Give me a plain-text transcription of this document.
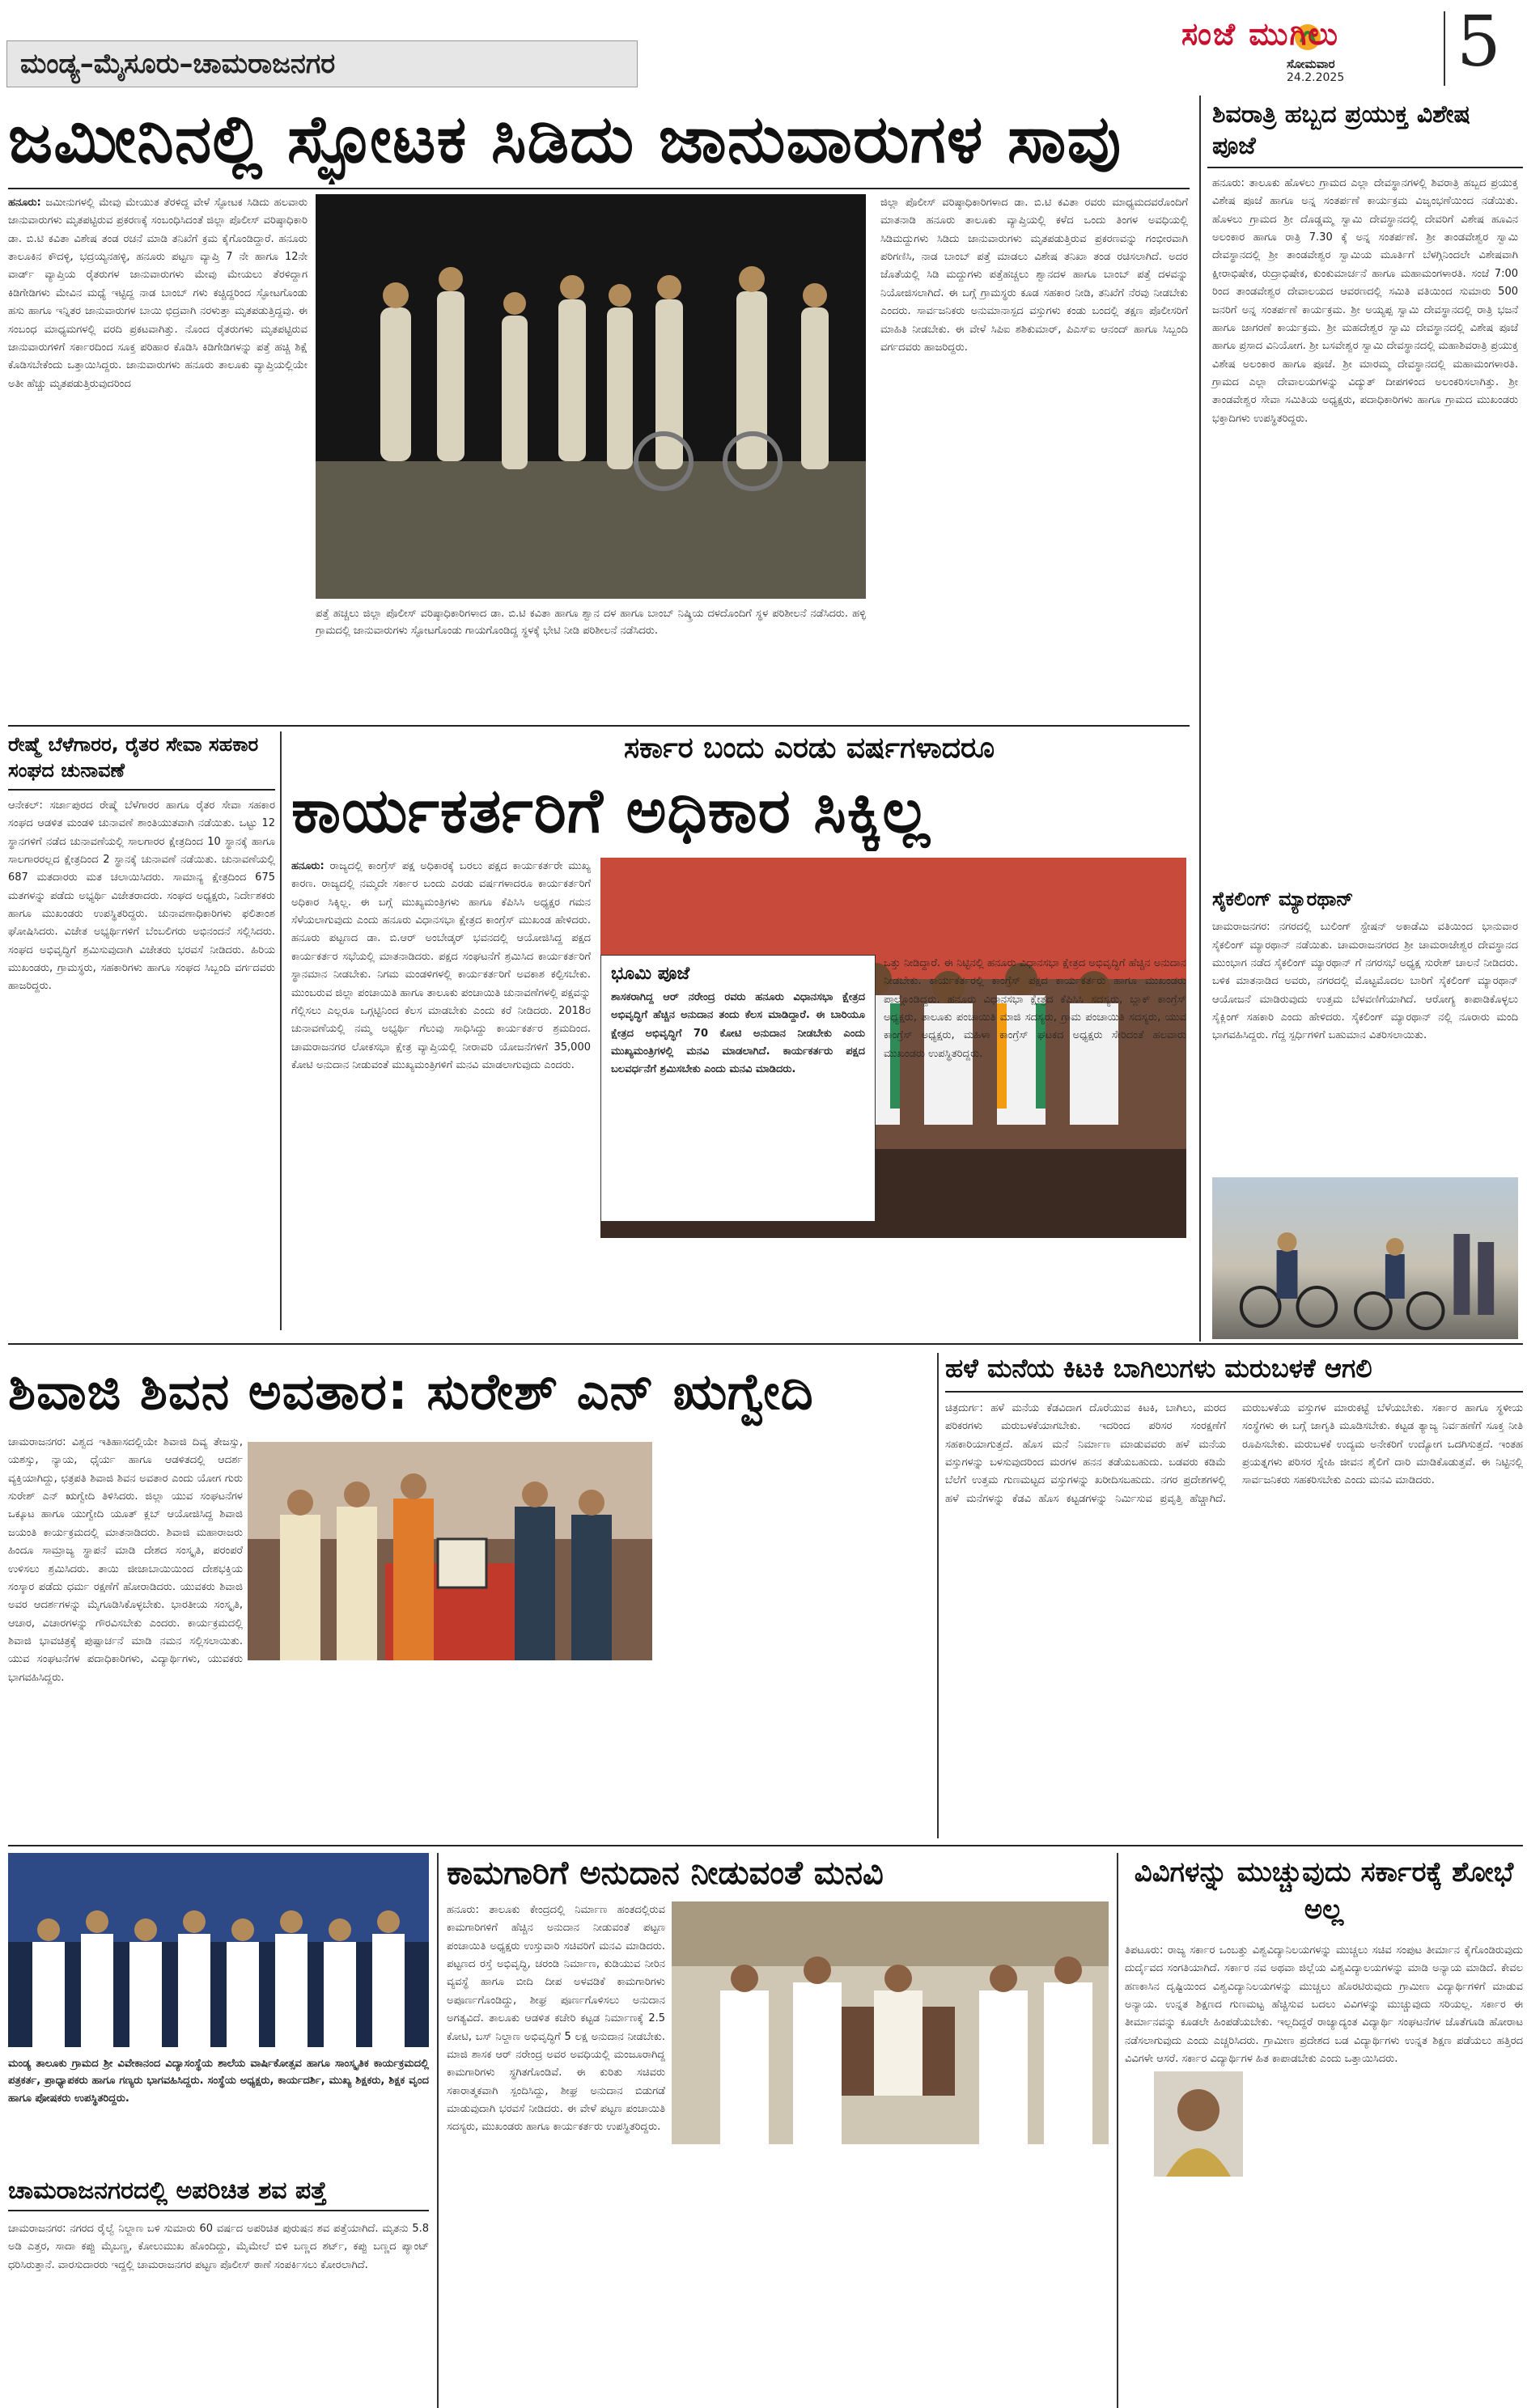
ಮಂಡ್ಯ–ಮೈಸೂರು–ಚಾಮರಾಜನಗರ
ಸಂಜೆ ಮುಗಿಲು
ಸೋಮವಾರ
24.2.2025 5
ಜಮೀನಿನಲ್ಲಿ ಸ್ಫೋಟಕ ಸಿಡಿದು ಜಾನುವಾರುಗಳ ಸಾವು
ಹನೂರು: ಜಮೀನುಗಳಲ್ಲಿ ಮೇವು ಮೇಯುತ ತೆರಳಿದ್ದ ವೇಳೆ ಸ್ಫೋಟಕ ಸಿಡಿದು ಹಲವಾರು ಜಾನುವಾರುಗಳು ಮೃತಪಟ್ಟಿರುವ ಪ್ರಕರಣಕ್ಕೆ ಸಂಬಂಧಿಸಿದಂತೆ ಜಿಲ್ಲಾ ಪೊಲೀಸ್ ವರಿಷ್ಠಾಧಿಕಾರಿ ಡಾ. ಬಿ.ಟಿ ಕವಿತಾ ವಿಶೇಷ ತಂಡ ರಚನೆ ಮಾಡಿ ತನಿಖೆಗೆ ಕ್ರಮ ಕೈಗೊಂಡಿದ್ದಾರೆ. ಹನೂರು ತಾಲೂಕಿನ ಕೌದಳ್ಳಿ, ಭದ್ರಯ್ಯನಹಳ್ಳಿ, ಹನೂರು ಪಟ್ಟಣ ವ್ಯಾಪ್ತಿ 7 ನೇ ಹಾಗೂ 12ನೇ ವಾರ್ಡ್ ವ್ಯಾಪ್ತಿಯ ರೈತರುಗಳ ಜಾನುವಾರುಗಳು ಮೇವು ಮೇಯಲು ತೆರಳಿದ್ದಾಗ ಕಿಡಿಗೇಡಿಗಳು ಮೇವಿನ ಮಧ್ಯೆ ಇಟ್ಟಿದ್ದ ನಾಡ ಬಾಂಬ್ ಗಳು ಕಚ್ಚಿದ್ದರಿಂದ ಸ್ಫೋಟಗೊಂಡು ಹಸು ಹಾಗೂ ಇನ್ನಿತರ ಜಾನುವಾರುಗಳ ಬಾಯಿ ಛಿದ್ರವಾಗಿ ನರಳುತ್ತಾ ಮೃತಪಡುತ್ತಿದ್ದವು. ಈ ಸಂಬಂಧ ಮಾಧ್ಯಮಗಳಲ್ಲಿ ವರದಿ ಪ್ರಕಟವಾಗಿತ್ತು. ನೊಂದ ರೈತರುಗಳು ಮೃತಪಟ್ಟಿರುವ ಜಾನುವಾರುಗಳಿಗೆ ಸರ್ಕಾರದಿಂದ ಸೂಕ್ತ ಪರಿಹಾರ ಕೊಡಿಸಿ ಕಿಡಿಗೇಡಿಗಳನ್ನು ಪತ್ತೆ ಹಚ್ಚಿ ಶಿಕ್ಷೆ ಕೊಡಿಸಬೇಕೆಂದು ಒತ್ತಾಯಿಸಿದ್ದರು. ಜಾನುವಾರುಗಳು ಹನೂರು ತಾಲೂಕು ವ್ಯಾಪ್ತಿಯಲ್ಲಿಯೇ ಅತೀ ಹೆಚ್ಚು ಮೃತಪಡುತ್ತಿರುವುದರಿಂದ
ಪತ್ತೆ ಹಚ್ಚಲು ಜಿಲ್ಲಾ ಪೊಲೀಸ್ ವರಿಷ್ಠಾಧಿಕಾರಿಗಳಾದ ಡಾ. ಬಿ.ಟಿ ಕವಿತಾ ಹಾಗೂ ಶ್ವಾನ ದಳ ಹಾಗೂ ಬಾಂಬ್ ನಿಷ್ಕ್ರಿಯ ದಳದೊಂದಿಗೆ ಸ್ಥಳ ಪರಿಶೀಲನೆ ನಡೆಸಿದರು. ಹಳ್ಳಿ ಗ್ರಾಮದಲ್ಲಿ ಜಾನುವಾರುಗಳು ಸ್ಫೋಟಗೊಂಡು ಗಾಯಗೊಂಡಿದ್ದ ಸ್ಥಳಕ್ಕೆ ಭೇಟಿ ನೀಡಿ ಪರಿಶೀಲನೆ ನಡೆಸಿದರು.
ಜಿಲ್ಲಾ ಪೊಲೀಸ್ ವರಿಷ್ಠಾಧಿಕಾರಿಗಳಾದ ಡಾ. ಬಿ.ಟಿ ಕವಿತಾ ರವರು ಮಾಧ್ಯಮದವರೊಂದಿಗೆ ಮಾತನಾಡಿ ಹನೂರು ತಾಲೂಕು ವ್ಯಾಪ್ತಿಯಲ್ಲಿ ಕಳೆದ ಒಂದು ತಿಂಗಳ ಅವಧಿಯಲ್ಲಿ ಸಿಡಿಮದ್ದುಗಳು ಸಿಡಿದು ಜಾನುವಾರುಗಳು ಮೃತಪಡುತ್ತಿರುವ ಪ್ರಕರಣವನ್ನು ಗಂಭೀರವಾಗಿ ಪರಿಗಣಿಸಿ, ನಾಡ ಬಾಂಬ್ ಪತ್ತೆ ಮಾಡಲು ವಿಶೇಷ ತನಿಖಾ ತಂಡ ರಚಿಸಲಾಗಿದೆ. ಅದರ ಜೊತೆಯಲ್ಲಿ ಸಿಡಿ ಮದ್ದುಗಳು ಪತ್ತೆಹಚ್ಚಲು ಶ್ವಾನದಳ ಹಾಗೂ ಬಾಂಬ್ ಪತ್ತೆ ದಳವನ್ನು ನಿಯೋಜಿಸಲಾಗಿದೆ. ಈ ಬಗ್ಗೆ ಗ್ರಾಮಸ್ಥರು ಕೂಡ ಸಹಕಾರ ನೀಡಿ, ತನಿಖೆಗೆ ನೆರವು ನೀಡಬೇಕು ಎಂದರು. ಸಾರ್ವಜನಿಕರು ಅನುಮಾನಾಸ್ಪದ ವಸ್ತುಗಳು ಕಂಡು ಬಂದಲ್ಲಿ ತಕ್ಷಣ ಪೊಲೀಸರಿಗೆ ಮಾಹಿತಿ ನೀಡಬೇಕು. ಈ ವೇಳೆ ಸಿಪಿಐ ಶಶಿಕುಮಾರ್, ಪಿಎಸ್ಐ ಆನಂದ್ ಹಾಗೂ ಸಿಬ್ಬಂದಿ ವರ್ಗದವರು ಹಾಜರಿದ್ದರು.
ಶಿವರಾತ್ರಿ ಹಬ್ಬದ ಪ್ರಯುಕ್ತ ವಿಶೇಷ ಪೂಜೆ
ಹನೂರು: ತಾಲೂಕು ಹೊಳಲು ಗ್ರಾಮದ ಎಲ್ಲಾ ದೇವಸ್ಥಾನಗಳಲ್ಲಿ ಶಿವರಾತ್ರಿ ಹಬ್ಬದ ಪ್ರಯುಕ್ತ ವಿಶೇಷ ಪೂಜೆ ಹಾಗೂ ಅನ್ನ ಸಂತರ್ಪಣೆ ಕಾರ್ಯಕ್ರಮ ವಿಜೃಂಭಣೆಯಿಂದ ನಡೆಯಿತು. ಹೊಳಲು ಗ್ರಾಮದ ಶ್ರೀ ದೊಡ್ಡಮ್ಮ ಸ್ವಾಮಿ ದೇವಸ್ಥಾನದಲ್ಲಿ ದೇವರಿಗೆ ವಿಶೇಷ ಹೂವಿನ ಅಲಂಕಾರ ಹಾಗೂ ರಾತ್ರಿ 7.30 ಕ್ಕೆ ಅನ್ನ ಸಂತರ್ಪಣೆ. ಶ್ರೀ ತಾಂಡವೇಶ್ವರ ಸ್ವಾಮಿ ದೇವಸ್ಥಾನದಲ್ಲಿ ಶ್ರೀ ತಾಂಡವೇಶ್ವರ ಸ್ವಾಮಿಯ ಮೂರ್ತಿಗೆ ಬೆಳಗ್ಗಿನಿಂದಲೇ ವಿಶೇಷವಾಗಿ ಕ್ಷೀರಾಭಿಷೇಕ, ರುದ್ರಾಭಿಷೇಕ, ಕುಂಕುಮಾರ್ಚನೆ ಹಾಗೂ ಮಹಾಮಂಗಳಾರತಿ. ಸಂಜೆ 7:00 ರಿಂದ ತಾಂಡವೇಶ್ವರ ದೇವಾಲಯದ ಆವರಣದಲ್ಲಿ ಸಮಿತಿ ವತಿಯಿಂದ ಸುಮಾರು 500 ಜನರಿಗೆ ಅನ್ನ ಸಂತರ್ಪಣೆ ಕಾರ್ಯಕ್ರಮ. ಶ್ರೀ ಅಯ್ಯಪ್ಪ ಸ್ವಾಮಿ ದೇವಸ್ಥಾನದಲ್ಲಿ ರಾತ್ರಿ ಭಜನೆ ಹಾಗೂ ಜಾಗರಣೆ ಕಾರ್ಯಕ್ರಮ. ಶ್ರೀ ಮಹದೇಶ್ವರ ಸ್ವಾಮಿ ದೇವಸ್ಥಾನದಲ್ಲಿ ವಿಶೇಷ ಪೂಜೆ ಹಾಗೂ ಪ್ರಸಾದ ವಿನಿಯೋಗ. ಶ್ರೀ ಬಸವೇಶ್ವರ ಸ್ವಾಮಿ ದೇವಸ್ಥಾನದಲ್ಲಿ ಮಹಾಶಿವರಾತ್ರಿ ಪ್ರಯುಕ್ತ ವಿಶೇಷ ಅಲಂಕಾರ ಹಾಗೂ ಪೂಜೆ. ಶ್ರೀ ಮಾರಮ್ಮ ದೇವಸ್ಥಾನದಲ್ಲಿ ಮಹಾಮಂಗಳಾರತಿ. ಗ್ರಾಮದ ಎಲ್ಲಾ ದೇವಾಲಯಗಳನ್ನು ವಿದ್ಯುತ್ ದೀಪಗಳಿಂದ ಅಲಂಕರಿಸಲಾಗಿತ್ತು. ಶ್ರೀ ತಾಂಡವೇಶ್ವರ ಸೇವಾ ಸಮಿತಿಯ ಅಧ್ಯಕ್ಷರು, ಪದಾಧಿಕಾರಿಗಳು ಹಾಗೂ ಗ್ರಾಮದ ಮುಖಂಡರು ಭಕ್ತಾದಿಗಳು ಉಪಸ್ಥಿತರಿದ್ದರು.
ಸೈಕಲಿಂಗ್ ಮ್ಯಾರಥಾನ್
ಚಾಮರಾಜನಗರ: ನಗರದಲ್ಲಿ ಬುಲಿಂಗ್ ಸ್ಟೇಷನ್ ಅಕಾಡೆಮಿ ವತಿಯಿಂದ ಭಾನುವಾರ ಸೈಕಲಿಂಗ್ ಮ್ಯಾರಥಾನ್ ನಡೆಯಿತು. ಚಾಮರಾಜನಗರದ ಶ್ರೀ ಚಾಮರಾಜೇಶ್ವರ ದೇವಸ್ಥಾನದ ಮುಂಭಾಗ ನಡೆದ ಸೈಕಲಿಂಗ್ ಮ್ಯಾರಥಾನ್ ಗೆ ನಗರಸಭೆ ಅಧ್ಯಕ್ಷ ಸುರೇಶ್ ಚಾಲನೆ ನೀಡಿದರು. ಬಳಿಕ ಮಾತನಾಡಿದ ಅವರು, ನಗರದಲ್ಲಿ ಮೊಟ್ಟಮೊದಲ ಬಾರಿಗೆ ಸೈಕಲಿಂಗ್ ಮ್ಯಾರಥಾನ್ ಆಯೋಜನೆ ಮಾಡಿರುವುದು ಉತ್ತಮ ಬೆಳವಣಿಗೆಯಾಗಿದೆ. ಆರೋಗ್ಯ ಕಾಪಾಡಿಕೊಳ್ಳಲು ಸೈಕ್ಲಿಂಗ್ ಸಹಕಾರಿ ಎಂದು ಹೇಳಿದರು. ಸೈಕಲಿಂಗ್ ಮ್ಯಾರಥಾನ್ ನಲ್ಲಿ ನೂರಾರು ಮಂದಿ ಭಾಗವಹಿಸಿದ್ದರು. ಗೆದ್ದ ಸ್ಪರ್ಧಿಗಳಿಗೆ ಬಹುಮಾನ ವಿತರಿಸಲಾಯಿತು.
ರೇಷ್ಮೆ ಬೆಳೆಗಾರರ, ರೈತರ ಸೇವಾ ಸಹಕಾರ ಸಂಘದ ಚುನಾವಣೆ
ಆನೇಕಲ್: ಸರ್ಜಾಪುರದ ರೇಷ್ಮೆ ಬೆಳೆಗಾರರ ಹಾಗೂ ರೈತರ ಸೇವಾ ಸಹಕಾರ ಸಂಘದ ಆಡಳಿತ ಮಂಡಳಿ ಚುನಾವಣೆ ಶಾಂತಿಯುತವಾಗಿ ನಡೆಯಿತು. ಒಟ್ಟು 12 ಸ್ಥಾನಗಳಿಗೆ ನಡೆದ ಚುನಾವಣೆಯಲ್ಲಿ ಸಾಲಗಾರರ ಕ್ಷೇತ್ರದಿಂದ 10 ಸ್ಥಾನಕ್ಕೆ ಹಾಗೂ ಸಾಲಗಾರರಲ್ಲದ ಕ್ಷೇತ್ರದಿಂದ 2 ಸ್ಥಾನಕ್ಕೆ ಚುನಾವಣೆ ನಡೆಯಿತು. ಚುನಾವಣೆಯಲ್ಲಿ 687 ಮತದಾರರು ಮತ ಚಲಾಯಿಸಿದರು. ಸಾಮಾನ್ಯ ಕ್ಷೇತ್ರದಿಂದ 675 ಮತಗಳನ್ನು ಪಡೆದು ಅಭ್ಯರ್ಥಿ ವಿಜೇತರಾದರು. ಸಂಘದ ಅಧ್ಯಕ್ಷರು, ನಿರ್ದೇಶಕರು ಹಾಗೂ ಮುಖಂಡರು ಉಪಸ್ಥಿತರಿದ್ದರು. ಚುನಾವಣಾಧಿಕಾರಿಗಳು ಫಲಿತಾಂಶ ಘೋಷಿಸಿದರು. ವಿಜೇತ ಅಭ್ಯರ್ಥಿಗಳಿಗೆ ಬೆಂಬಲಿಗರು ಅಭಿನಂದನೆ ಸಲ್ಲಿಸಿದರು. ಸಂಘದ ಅಭಿವೃದ್ಧಿಗೆ ಶ್ರಮಿಸುವುದಾಗಿ ವಿಜೇತರು ಭರವಸೆ ನೀಡಿದರು. ಹಿರಿಯ ಮುಖಂಡರು, ಗ್ರಾಮಸ್ಥರು, ಸಹಕಾರಿಗಳು ಹಾಗೂ ಸಂಘದ ಸಿಬ್ಬಂದಿ ವರ್ಗದವರು ಹಾಜರಿದ್ದರು.
ಸರ್ಕಾರ ಬಂದು ಎರಡು ವರ್ಷಗಳಾದರೂ
ಕಾರ್ಯಕರ್ತರಿಗೆ ಅಧಿಕಾರ ಸಿಕ್ಕಿಲ್ಲ
ಹನೂರು: ರಾಜ್ಯದಲ್ಲಿ ಕಾಂಗ್ರೆಸ್ ಪಕ್ಷ ಅಧಿಕಾರಕ್ಕೆ ಬರಲು ಪಕ್ಷದ ಕಾರ್ಯಕರ್ತರೇ ಮುಖ್ಯ ಕಾರಣ. ರಾಜ್ಯದಲ್ಲಿ ನಮ್ಮದೇ ಸರ್ಕಾರ ಬಂದು ಎರಡು ವರ್ಷಗಳಾದರೂ ಕಾರ್ಯಕರ್ತರಿಗೆ ಅಧಿಕಾರ ಸಿಕ್ಕಿಲ್ಲ. ಈ ಬಗ್ಗೆ ಮುಖ್ಯಮಂತ್ರಿಗಳು ಹಾಗೂ ಕೆಪಿಸಿಸಿ ಅಧ್ಯಕ್ಷರ ಗಮನ ಸೆಳೆಯಲಾಗುವುದು ಎಂದು ಹನೂರು ವಿಧಾನಸಭಾ ಕ್ಷೇತ್ರದ ಕಾಂಗ್ರೆಸ್ ಮುಖಂಡ ಹೇಳಿದರು. ಹನೂರು ಪಟ್ಟಣದ ಡಾ. ಬಿ.ಆರ್ ಅಂಬೇಡ್ಕರ್ ಭವನದಲ್ಲಿ ಆಯೋಜಿಸಿದ್ದ ಪಕ್ಷದ ಕಾರ್ಯಕರ್ತರ ಸಭೆಯಲ್ಲಿ ಮಾತನಾಡಿದರು. ಪಕ್ಷದ ಸಂಘಟನೆಗೆ ಶ್ರಮಿಸಿದ ಕಾರ್ಯಕರ್ತರಿಗೆ ಸ್ಥಾನಮಾನ ನೀಡಬೇಕು. ನಿಗಮ ಮಂಡಳಿಗಳಲ್ಲಿ ಕಾರ್ಯಕರ್ತರಿಗೆ ಅವಕಾಶ ಕಲ್ಪಿಸಬೇಕು. ಮುಂಬರುವ ಜಿಲ್ಲಾ ಪಂಚಾಯಿತಿ ಹಾಗೂ ತಾಲೂಕು ಪಂಚಾಯಿತಿ ಚುನಾವಣೆಗಳಲ್ಲಿ ಪಕ್ಷವನ್ನು ಗೆಲ್ಲಿಸಲು ಎಲ್ಲರೂ ಒಗ್ಗಟ್ಟಿನಿಂದ ಕೆಲಸ ಮಾಡಬೇಕು ಎಂದು ಕರೆ ನೀಡಿದರು. 2018ರ ಚುನಾವಣೆಯಲ್ಲಿ ನಮ್ಮ ಅಭ್ಯರ್ಥಿ ಗೆಲುವು ಸಾಧಿಸಿದ್ದು ಕಾರ್ಯಕರ್ತರ ಶ್ರಮದಿಂದ. ಚಾಮರಾಜನಗರ ಲೋಕಸಭಾ ಕ್ಷೇತ್ರ ವ್ಯಾಪ್ತಿಯಲ್ಲಿ ನೀರಾವರಿ ಯೋಜನೆಗಳಿಗೆ 35,000 ಕೋಟಿ ಅನುದಾನ ನೀಡುವಂತೆ ಮುಖ್ಯಮಂತ್ರಿಗಳಿಗೆ ಮನವಿ ಮಾಡಲಾಗುವುದು ಎಂದರು.
ಭೂಮಿ ಪೂಜೆ
ಶಾಸಕರಾಗಿದ್ದ ಆರ್ ನರೇಂದ್ರ ರವರು ಹನೂರು ವಿಧಾನಸಭಾ ಕ್ಷೇತ್ರದ ಅಭಿವೃದ್ಧಿಗೆ ಹೆಚ್ಚಿನ ಅನುದಾನ ತಂದು ಕೆಲಸ ಮಾಡಿದ್ದಾರೆ. ಈ ಬಾರಿಯೂ ಕ್ಷೇತ್ರದ ಅಭಿವೃದ್ಧಿಗೆ 70 ಕೋಟಿ ಅನುದಾನ ನೀಡಬೇಕು ಎಂದು ಮುಖ್ಯಮಂತ್ರಿಗಳಲ್ಲಿ ಮನವಿ ಮಾಡಲಾಗಿದೆ. ಕಾರ್ಯಕರ್ತರು ಪಕ್ಷದ ಬಲವರ್ಧನೆಗೆ ಶ್ರಮಿಸಬೇಕು ಎಂದು ಮನವಿ ಮಾಡಿದರು.
ಒತ್ತು ನೀಡಿದ್ದಾರೆ. ಈ ನಿಟ್ಟಿನಲ್ಲಿ ಹನೂರು ವಿಧಾನಸಭಾ ಕ್ಷೇತ್ರದ ಅಭಿವೃದ್ಧಿಗೆ ಹೆಚ್ಚಿನ ಅನುದಾನ ನೀಡಬೇಕು. ಕಾರ್ಯಕರ್ತರಲ್ಲಿ ಕಾಂಗ್ರೆಸ್ ಪಕ್ಷದ ಕಾರ್ಯಕರ್ತರು ಹಾಗೂ ಮುಖಂಡರು ಪಾಲ್ಗೊಂಡಿದ್ದರು. ಹನೂರು ವಿಧಾನಸಭಾ ಕ್ಷೇತ್ರದ ಕೆಪಿಸಿಸಿ ಸದಸ್ಯರು, ಬ್ಲಾಕ್ ಕಾಂಗ್ರೆಸ್ ಅಧ್ಯಕ್ಷರು, ತಾಲೂಕು ಪಂಚಾಯಿತಿ ಮಾಜಿ ಸದಸ್ಯರು, ಗ್ರಾಮ ಪಂಚಾಯಿತಿ ಸದಸ್ಯರು, ಯುವ ಕಾಂಗ್ರೆಸ್ ಅಧ್ಯಕ್ಷರು, ಮಹಿಳಾ ಕಾಂಗ್ರೆಸ್ ಘಟಕದ ಅಧ್ಯಕ್ಷರು ಸೇರಿದಂತೆ ಹಲವಾರು ಮುಖಂಡರು ಉಪಸ್ಥಿತರಿದ್ದರು.
ಶಿವಾಜಿ ಶಿವನ ಅವತಾರ: ಸುರೇಶ್ ಎನ್ ಋಗ್ವೇದಿ
ಚಾಮರಾಜನಗರ: ವಿಶ್ವದ ಇತಿಹಾಸದಲ್ಲಿಯೇ ಶಿವಾಜಿ ದಿವ್ಯ ತೇಜಸ್ಸು, ಯಶಸ್ಸು, ನ್ಯಾಯ, ಧೈರ್ಯ ಹಾಗೂ ಆಡಳಿತದಲ್ಲಿ ಆದರ್ಶ ವ್ಯಕ್ತಿಯಾಗಿದ್ದು, ಛತ್ರಪತಿ ಶಿವಾಜಿ ಶಿವನ ಅವತಾರ ಎಂದು ಯೋಗ ಗುರು ಸುರೇಶ್ ಎನ್ ಋಗ್ವೇದಿ ತಿಳಿಸಿದರು. ಜಿಲ್ಲಾ ಯುವ ಸಂಘಟನೆಗಳ ಒಕ್ಕೂಟ ಹಾಗೂ ಯುಗ್ವೇದಿ ಯೂತ್ ಕ್ಲಬ್ ಆಯೋಜಿಸಿದ್ದ ಶಿವಾಜಿ ಜಯಂತಿ ಕಾರ್ಯಕ್ರಮದಲ್ಲಿ ಮಾತನಾಡಿದರು. ಶಿವಾಜಿ ಮಹಾರಾಜರು ಹಿಂದೂ ಸಾಮ್ರಾಜ್ಯ ಸ್ಥಾಪನೆ ಮಾಡಿ ದೇಶದ ಸಂಸ್ಕೃತಿ, ಪರಂಪರೆ ಉಳಿಸಲು ಶ್ರಮಿಸಿದರು. ತಾಯಿ ಜೀಜಾಬಾಯಿಯಿಂದ ದೇಶಭಕ್ತಿಯ ಸಂಸ್ಕಾರ ಪಡೆದು ಧರ್ಮ ರಕ್ಷಣೆಗೆ ಹೋರಾಡಿದರು. ಯುವಕರು ಶಿವಾಜಿ ಅವರ ಆದರ್ಶಗಳನ್ನು ಮೈಗೂಡಿಸಿಕೊಳ್ಳಬೇಕು. ಭಾರತೀಯ ಸಂಸ್ಕೃತಿ, ಆಚಾರ, ವಿಚಾರಗಳನ್ನು ಗೌರವಿಸಬೇಕು ಎಂದರು. ಕಾರ್ಯಕ್ರಮದಲ್ಲಿ ಶಿವಾಜಿ ಭಾವಚಿತ್ರಕ್ಕೆ ಪುಷ್ಪಾರ್ಚನೆ ಮಾಡಿ ನಮನ ಸಲ್ಲಿಸಲಾಯಿತು. ಯುವ ಸಂಘಟನೆಗಳ ಪದಾಧಿಕಾರಿಗಳು, ವಿದ್ಯಾರ್ಥಿಗಳು, ಯುವಕರು ಭಾಗವಹಿಸಿದ್ದರು.
ಹಳೆ ಮನೆಯ ಕಿಟಕಿ ಬಾಗಿಲುಗಳು ಮರುಬಳಕೆ ಆಗಲಿ
ಚಿತ್ರದುರ್ಗ: ಹಳೆ ಮನೆಯ ಕೆಡವಿದಾಗ ದೊರೆಯುವ ಕಿಟಕಿ, ಬಾಗಿಲು, ಮರದ ಪರಿಕರಗಳು ಮರುಬಳಕೆಯಾಗಬೇಕು. ಇದರಿಂದ ಪರಿಸರ ಸಂರಕ್ಷಣೆಗೆ ಸಹಕಾರಿಯಾಗುತ್ತದೆ. ಹೊಸ ಮನೆ ನಿರ್ಮಾಣ ಮಾಡುವವರು ಹಳೆ ಮನೆಯ ವಸ್ತುಗಳನ್ನು ಬಳಸುವುದರಿಂದ ಮರಗಳ ಹನನ ತಡೆಯಬಹುದು. ಬಡವರು ಕಡಿಮೆ ಬೆಲೆಗೆ ಉತ್ತಮ ಗುಣಮಟ್ಟದ ವಸ್ತುಗಳನ್ನು ಖರೀದಿಸಬಹುದು. ನಗರ ಪ್ರದೇಶಗಳಲ್ಲಿ ಹಳೆ ಮನೆಗಳನ್ನು ಕೆಡವಿ ಹೊಸ ಕಟ್ಟಡಗಳನ್ನು ನಿರ್ಮಿಸುವ ಪ್ರವೃತ್ತಿ ಹೆಚ್ಚಾಗಿದೆ. ಮರುಬಳಕೆಯ ವಸ್ತುಗಳ ಮಾರುಕಟ್ಟೆ ಬೆಳೆಯಬೇಕು. ಸರ್ಕಾರ ಹಾಗೂ ಸ್ಥಳೀಯ ಸಂಸ್ಥೆಗಳು ಈ ಬಗ್ಗೆ ಜಾಗೃತಿ ಮೂಡಿಸಬೇಕು. ಕಟ್ಟಡ ತ್ಯಾಜ್ಯ ನಿರ್ವಹಣೆಗೆ ಸೂಕ್ತ ನೀತಿ ರೂಪಿಸಬೇಕು. ಮರುಬಳಕೆ ಉದ್ಯಮ ಅನೇಕರಿಗೆ ಉದ್ಯೋಗ ಒದಗಿಸುತ್ತದೆ. ಇಂತಹ ಪ್ರಯತ್ನಗಳು ಪರಿಸರ ಸ್ನೇಹಿ ಜೀವನ ಶೈಲಿಗೆ ದಾರಿ ಮಾಡಿಕೊಡುತ್ತವೆ. ಈ ನಿಟ್ಟಿನಲ್ಲಿ ಸಾರ್ವಜನಿಕರು ಸಹಕರಿಸಬೇಕು ಎಂದು ಮನವಿ ಮಾಡಿದರು.
ಮಂಡ್ಯ ತಾಲೂಕು ಗ್ರಾಮದ ಶ್ರೀ ವಿವೇಕಾನಂದ ವಿದ್ಯಾಸಂಸ್ಥೆಯ ಶಾಲೆಯ ವಾರ್ಷಿಕೋತ್ಸವ ಹಾಗೂ ಸಾಂಸ್ಕೃತಿಕ ಕಾರ್ಯಕ್ರಮದಲ್ಲಿ ಪತ್ರಕರ್ತ, ಪ್ರಾಧ್ಯಾಪಕರು ಹಾಗೂ ಗಣ್ಯರು ಭಾಗವಹಿಸಿದ್ದರು. ಸಂಸ್ಥೆಯ ಅಧ್ಯಕ್ಷರು, ಕಾರ್ಯದರ್ಶಿ, ಮುಖ್ಯ ಶಿಕ್ಷಕರು, ಶಿಕ್ಷಕ ವೃಂದ ಹಾಗೂ ಪೋಷಕರು ಉಪಸ್ಥಿತರಿದ್ದರು.
ಕಾಮಗಾರಿಗೆ ಅನುದಾನ ನೀಡುವಂತೆ ಮನವಿ
ಹನೂರು: ತಾಲೂಕು ಕೇಂದ್ರದಲ್ಲಿ ನಿರ್ಮಾಣ ಹಂತದಲ್ಲಿರುವ ಕಾಮಗಾರಿಗಳಿಗೆ ಹೆಚ್ಚಿನ ಅನುದಾನ ನೀಡುವಂತೆ ಪಟ್ಟಣ ಪಂಚಾಯಿತಿ ಅಧ್ಯಕ್ಷರು ಉಸ್ತುವಾರಿ ಸಚಿವರಿಗೆ ಮನವಿ ಮಾಡಿದರು. ಪಟ್ಟಣದ ರಸ್ತೆ ಅಭಿವೃದ್ಧಿ, ಚರಂಡಿ ನಿರ್ಮಾಣ, ಕುಡಿಯುವ ನೀರಿನ ವ್ಯವಸ್ಥೆ ಹಾಗೂ ಬೀದಿ ದೀಪ ಅಳವಡಿಕೆ ಕಾಮಗಾರಿಗಳು ಅಪೂರ್ಣಗೊಂಡಿದ್ದು, ಶೀಘ್ರ ಪೂರ್ಣಗೊಳಿಸಲು ಅನುದಾನ ಅಗತ್ಯವಿದೆ. ತಾಲೂಕು ಆಡಳಿತ ಕಚೇರಿ ಕಟ್ಟಡ ನಿರ್ಮಾಣಕ್ಕೆ 2.5 ಕೋಟಿ, ಬಸ್ ನಿಲ್ದಾಣ ಅಭಿವೃದ್ಧಿಗೆ 5 ಲಕ್ಷ ಅನುದಾನ ನೀಡಬೇಕು. ಮಾಜಿ ಶಾಸಕ ಆರ್ ನರೇಂದ್ರ ಅವರ ಅವಧಿಯಲ್ಲಿ ಮಂಜೂರಾಗಿದ್ದ ಕಾಮಗಾರಿಗಳು ಸ್ಥಗಿತಗೊಂಡಿವೆ. ಈ ಕುರಿತು ಸಚಿವರು ಸಕಾರಾತ್ಮಕವಾಗಿ ಸ್ಪಂದಿಸಿದ್ದು, ಶೀಘ್ರ ಅನುದಾನ ಬಿಡುಗಡೆ ಮಾಡುವುದಾಗಿ ಭರವಸೆ ನೀಡಿದರು. ಈ ವೇಳೆ ಪಟ್ಟಣ ಪಂಚಾಯಿತಿ ಸದಸ್ಯರು, ಮುಖಂಡರು ಹಾಗೂ ಕಾರ್ಯಕರ್ತರು ಉಪಸ್ಥಿತರಿದ್ದರು.
ವಿವಿಗಳನ್ನು ಮುಚ್ಚುವುದು ಸರ್ಕಾರಕ್ಕೆ ಶೋಭೆ ಅಲ್ಲ
ತಿಪಟೂರು: ರಾಜ್ಯ ಸರ್ಕಾರ ಒಂಬತ್ತು ವಿಶ್ವವಿದ್ಯಾನಿಲಯಗಳನ್ನು ಮುಚ್ಚಲು ಸಚಿವ ಸಂಪುಟ ತೀರ್ಮಾನ ಕೈಗೊಂಡಿರುವುದು ದುರ್ದೈವದ ಸಂಗತಿಯಾಗಿದೆ. ಸರ್ಕಾರ ನವ ಅಥವಾ ಜಿಲ್ಲೆಯ ವಿಶ್ವವಿದ್ಯಾಲಯಗಳನ್ನು ಮಾಡಿ ಅನ್ಯಾಯ ಮಾಡಿದೆ. ಕೇವಲ ಹಣಕಾಸಿನ ದೃಷ್ಟಿಯಿಂದ ವಿಶ್ವವಿದ್ಯಾನಿಲಯಗಳನ್ನು ಮುಚ್ಚಲು ಹೊರಟಿರುವುದು ಗ್ರಾಮೀಣ ವಿದ್ಯಾರ್ಥಿಗಳಿಗೆ ಮಾಡುವ ಅನ್ಯಾಯ. ಉನ್ನತ ಶಿಕ್ಷಣದ ಗುಣಮಟ್ಟ ಹೆಚ್ಚಿಸುವ ಬದಲು ವಿವಿಗಳನ್ನು ಮುಚ್ಚುವುದು ಸರಿಯಲ್ಲ. ಸರ್ಕಾರ ಈ ತೀರ್ಮಾನವನ್ನು ಕೂಡಲೇ ಹಿಂಪಡೆಯಬೇಕು. ಇಲ್ಲದಿದ್ದರೆ ರಾಜ್ಯಾದ್ಯಂತ ವಿದ್ಯಾರ್ಥಿ ಸಂಘಟನೆಗಳ ಜೊತೆಗೂಡಿ ಹೋರಾಟ ನಡೆಸಲಾಗುವುದು ಎಂದು ಎಚ್ಚರಿಸಿದರು. ಗ್ರಾಮೀಣ ಪ್ರದೇಶದ ಬಡ ವಿದ್ಯಾರ್ಥಿಗಳು ಉನ್ನತ ಶಿಕ್ಷಣ ಪಡೆಯಲು ಹತ್ತಿರದ ವಿವಿಗಳೇ ಆಸರೆ. ಸರ್ಕಾರ ವಿದ್ಯಾರ್ಥಿಗಳ ಹಿತ ಕಾಪಾಡಬೇಕು ಎಂದು ಒತ್ತಾಯಿಸಿದರು.
ಚಾಮರಾಜನಗರದಲ್ಲಿ ಅಪರಿಚಿತ ಶವ ಪತ್ತೆ
ಚಾಮರಾಜನಗರ: ನಗರದ ರೈಲ್ವೆ ನಿಲ್ದಾಣ ಬಳಿ ಸುಮಾರು 60 ವರ್ಷದ ಅಪರಿಚಿತ ಪುರುಷನ ಶವ ಪತ್ತೆಯಾಗಿದೆ. ಮೃತನು 5.8 ಅಡಿ ಎತ್ತರ, ಸಾದಾ ಕಪ್ಪು ಮೈಬಣ್ಣ, ಕೋಲುಮುಖ ಹೊಂದಿದ್ದು, ಮೈಮೇಲೆ ಬಿಳಿ ಬಣ್ಣದ ಶರ್ಟ್, ಕಪ್ಪು ಬಣ್ಣದ ಪ್ಯಾಂಟ್ ಧರಿಸಿರುತ್ತಾನೆ. ವಾರಸುದಾರರು ಇದ್ದಲ್ಲಿ ಚಾಮರಾಜನಗರ ಪಟ್ಟಣ ಪೊಲೀಸ್ ಠಾಣೆ ಸಂಪರ್ಕಿಸಲು ಕೋರಲಾಗಿದೆ.
